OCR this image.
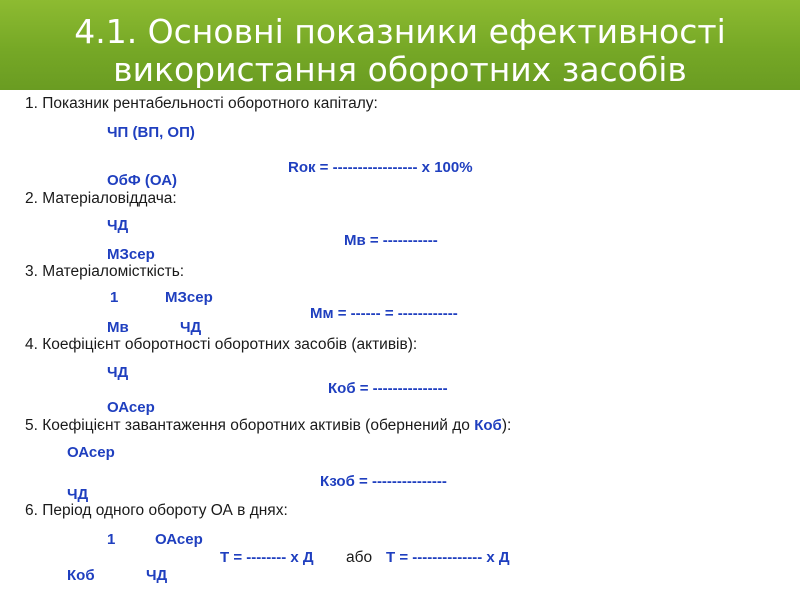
4.1. Основні показники ефективності
використання оборотних засобів
1. Показник рентабельності оборотного капіталу:
ЧП (ВП, ОП)
Rок = ----------------- х 100%
ОбФ (ОА)
2. Матеріаловіддача:
ЧД
Мв = -----------
МЗсер
3. Матеріаломісткість:
1	МЗсер
Мм = ------ = ------------
Мв	ЧД
4. Коефіцієнт оборотності оборотних засобів (активів):
ЧД
Коб = ---------------
ОАсер
5. Коефіцієнт завантаження оборотних активів (обернений до Коб):
ОАсер
Кзоб = ---------------
ЧД
6. Період одного обороту ОА в днях:
1	ОАсер
Т = -------- х Д або Т = -------------- х Д
Коб	ЧД
